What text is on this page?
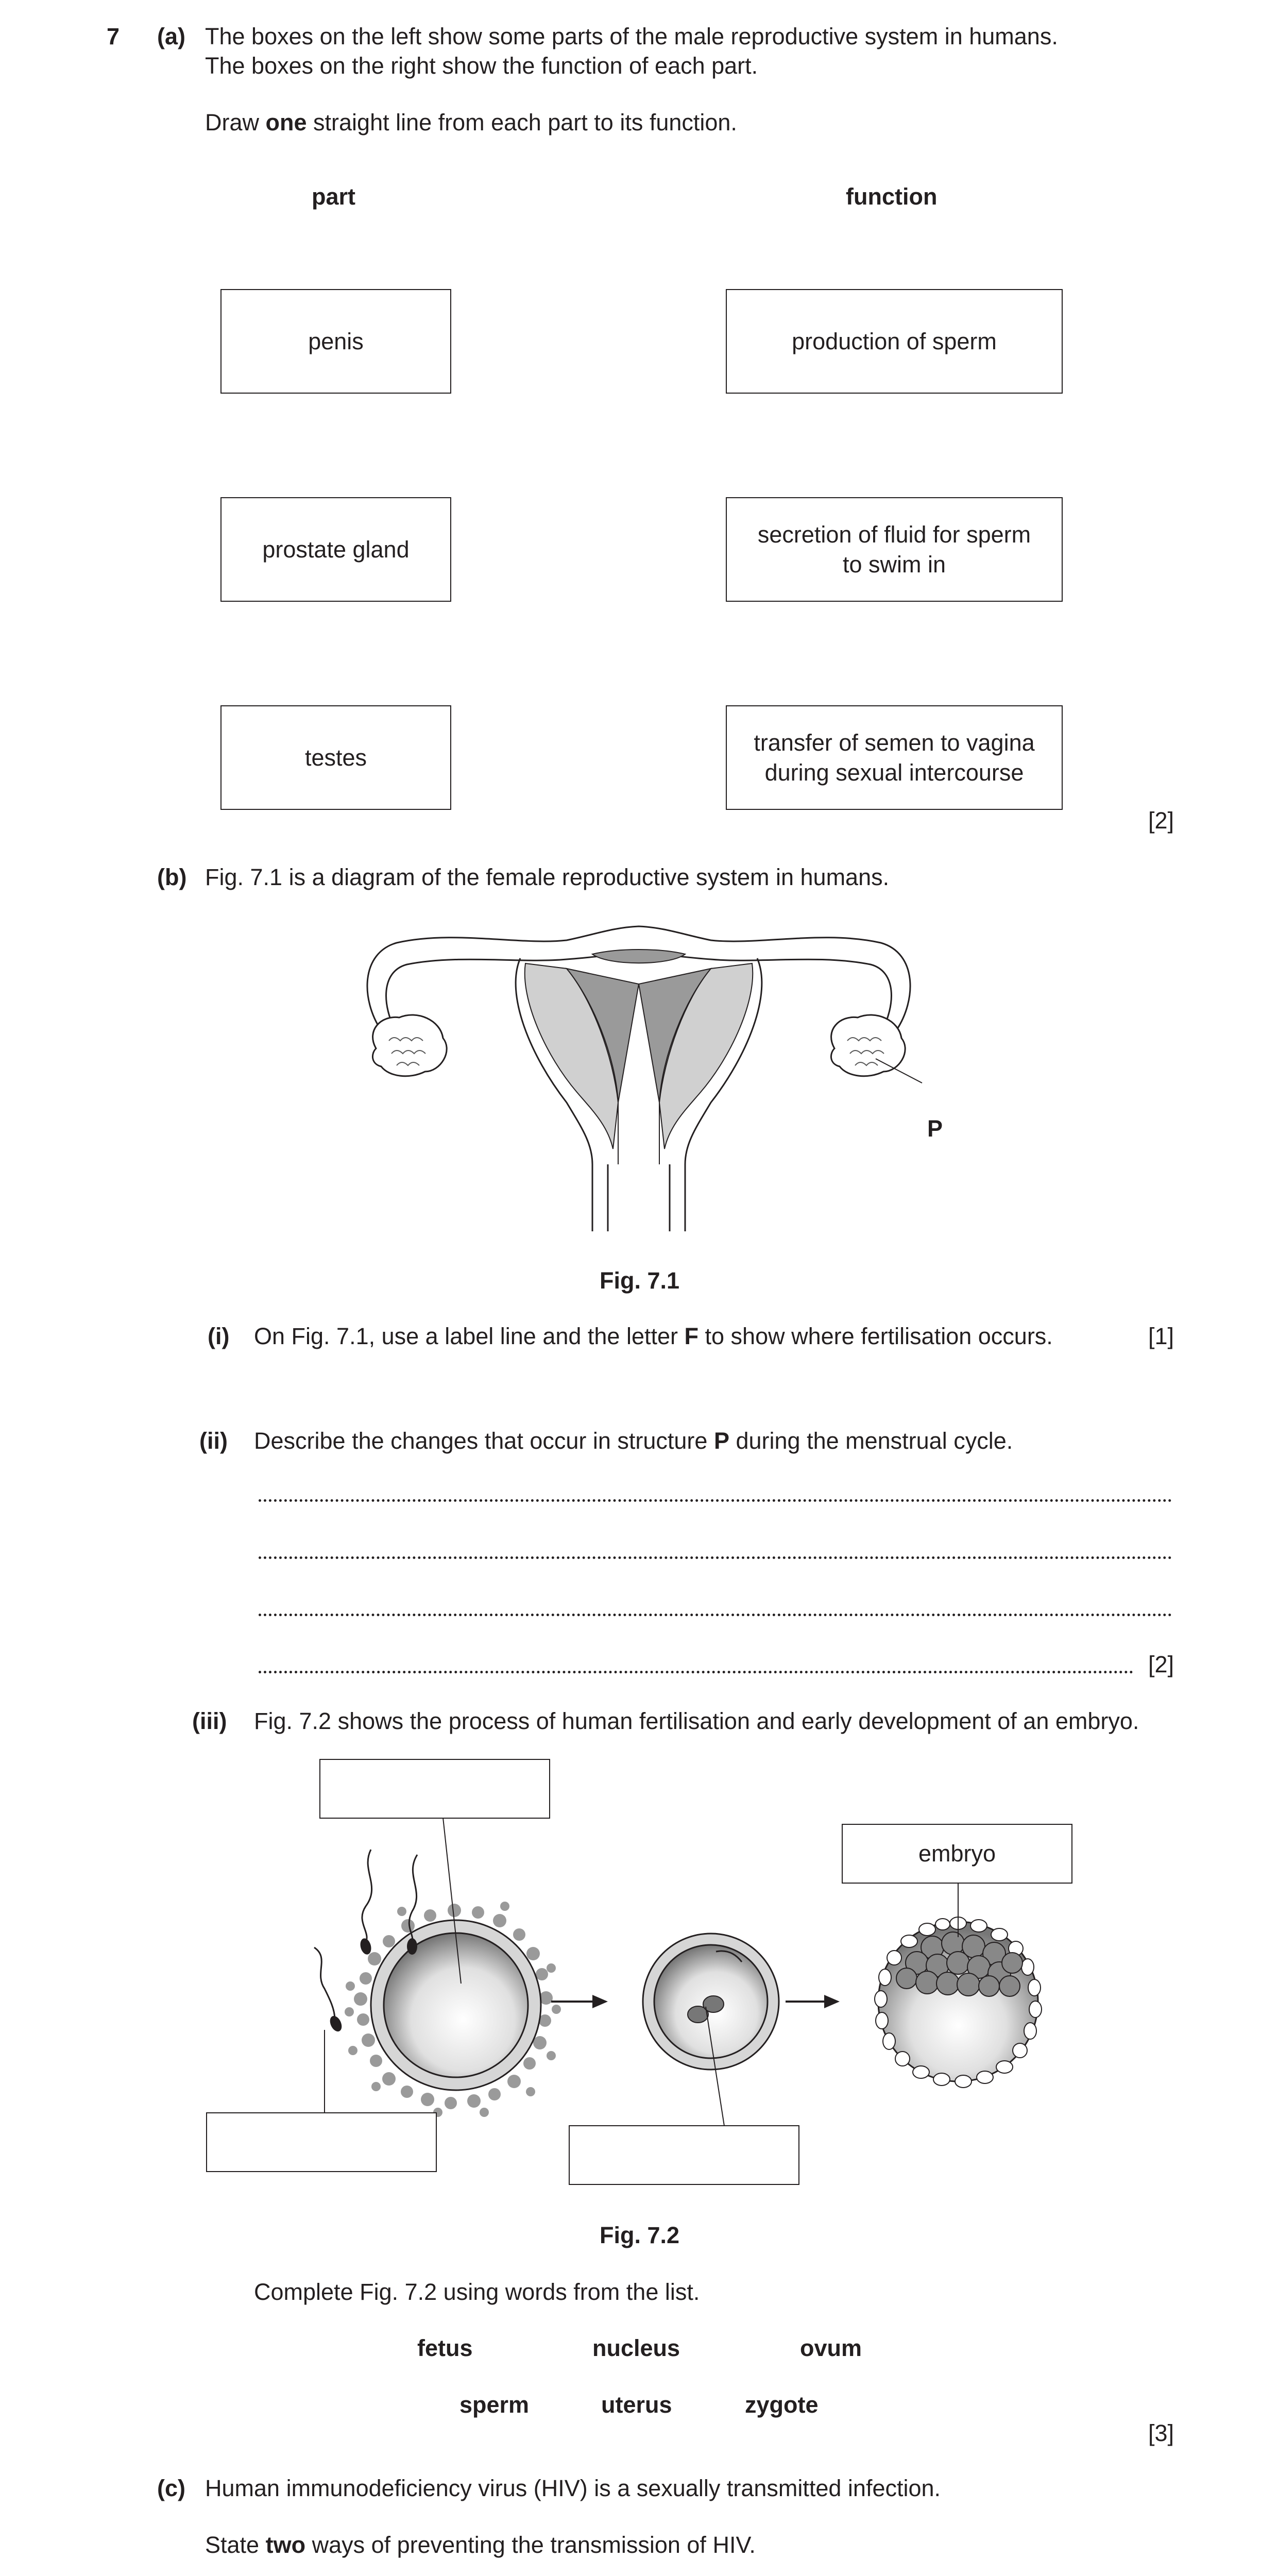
7 (a) The boxes on the left show some parts of the male reproductive system in humans.
The boxes on the right show the function of each part.
Draw one straight line from each part to its function.
part	function
penis
prostate gland
testes
production of sperm
secretion of fluid for sperm to swim in
transfer of semen to vagina during sexual intercourse
[2]
(b) Fig. 7.1 is a diagram of the female reproductive system in humans.
P
Fig. 7.1
(i) On Fig. 7.1, use a label line and the letter F to show where fertilisation occurs.	[1]
(ii) Describe the changes that occur in structure P during the menstrual cycle.
[2]
(iii) Fig. 7.2 shows the process of human fertilisation and early development of an embryo.
embryo
Fig. 7.2
Complete Fig. 7.2 using words from the list.
fetus	nucleus	ovum
sperm	uterus	zygote
[3]
(c) Human immunodeficiency virus (HIV) is a sexually transmitted infection.
State two ways of preventing the transmission of HIV.
